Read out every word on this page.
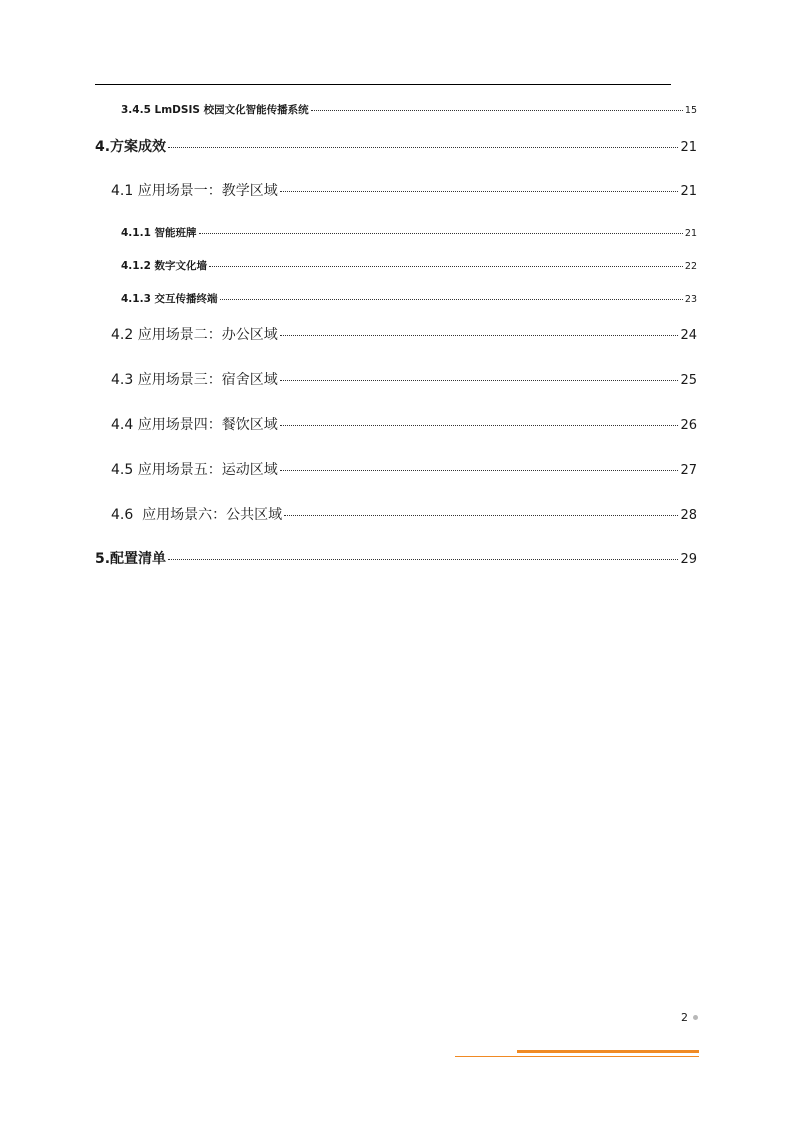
3.4.5 LmDSIS 校园文化智能传播系统	15
4.方案成效	21
4.1 应用场景一：教学区域	21
4.1.1 智能班牌	21
4.1.2 数字文化墙	22
4.1.3 交互传播终端	23
4.2 应用场景二：办公区域	24
4.3 应用场景三：宿舍区域	25
4.4 应用场景四：餐饮区域	26
4.5 应用场景五：运动区域	27
4.6  应用场景六：公共区域	28
5.配置清单	29
2
